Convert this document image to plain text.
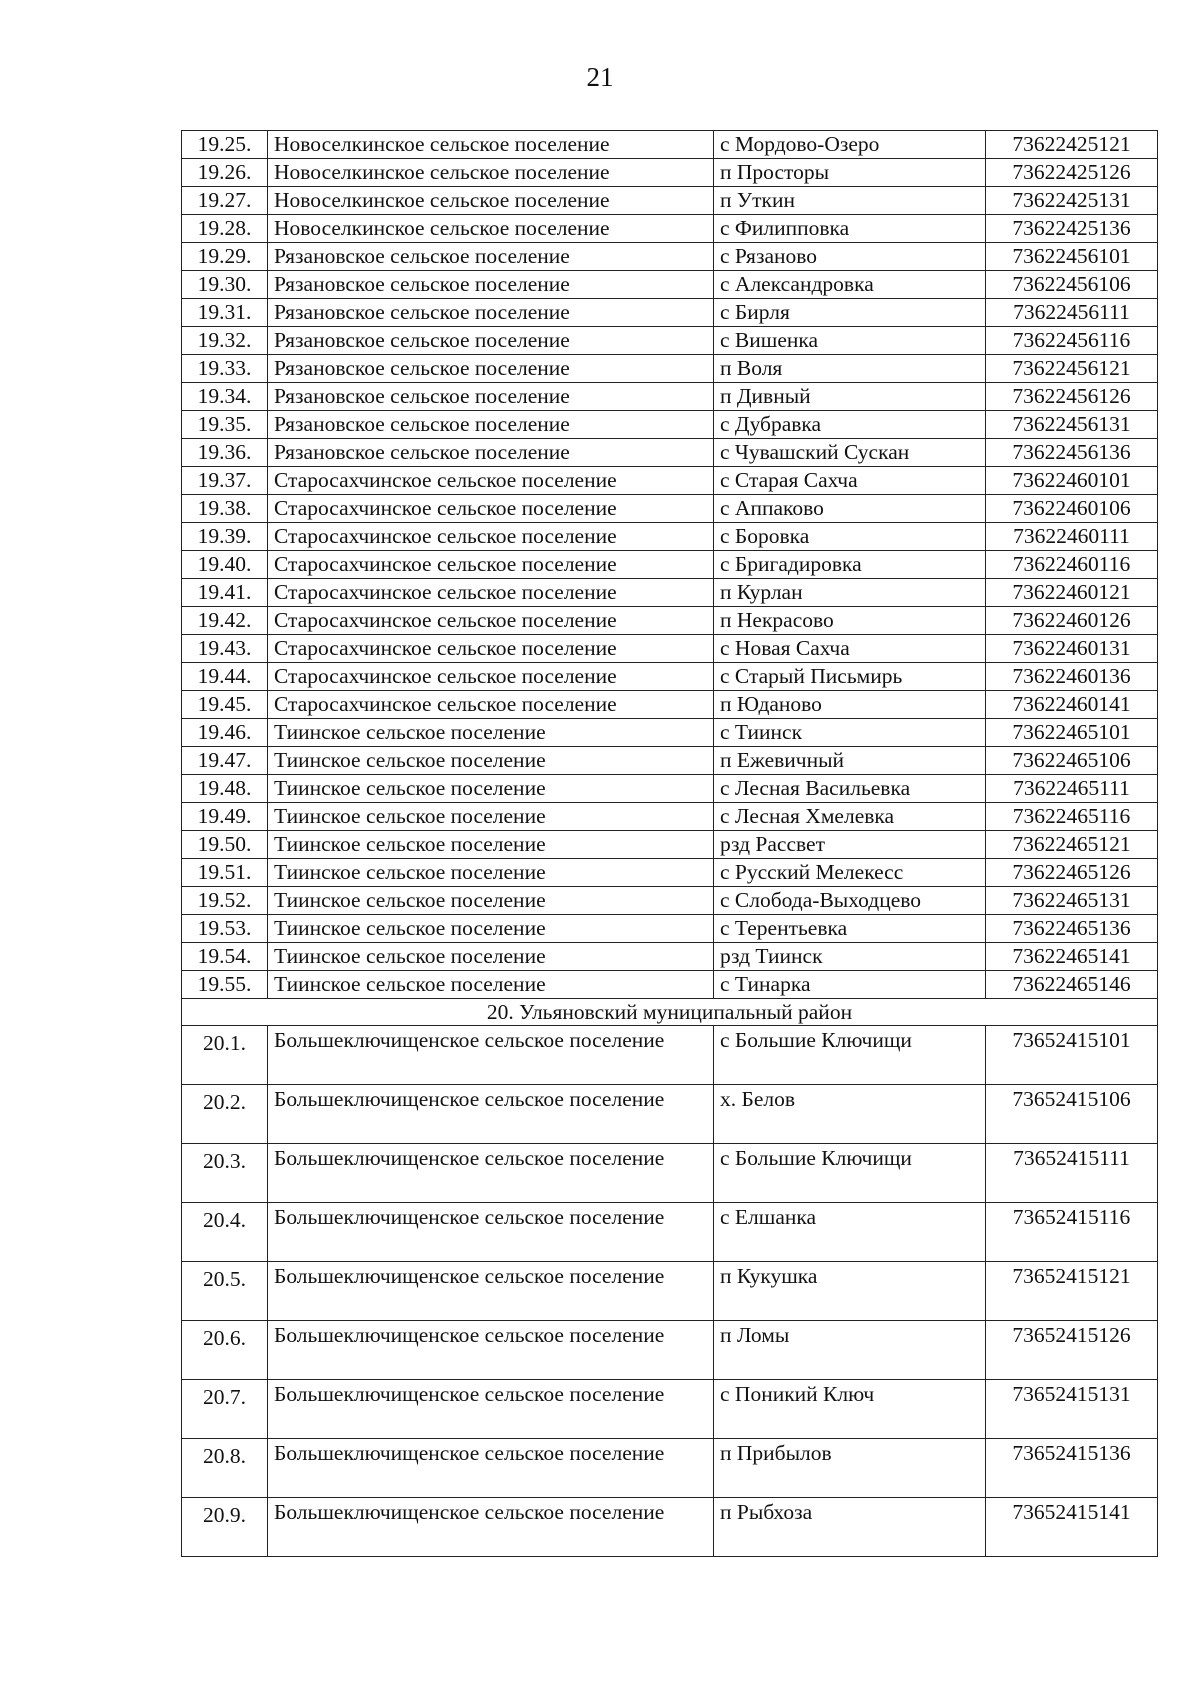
21
19.25.	Новоселкинское сельское поселение	с Мордово-Озеро	73622425121
19.26.	Новоселкинское сельское поселение	п Просторы	73622425126
19.27.	Новоселкинское сельское поселение	п Уткин	73622425131
19.28.	Новоселкинское сельское поселение	с Филипповка	73622425136
19.29.	Рязановское сельское поселение	с Рязаново	73622456101
19.30.	Рязановское сельское поселение	с Александровка	73622456106
19.31.	Рязановское сельское поселение	с Бирля	73622456111
19.32.	Рязановское сельское поселение	с Вишенка	73622456116
19.33.	Рязановское сельское поселение	п Воля	73622456121
19.34.	Рязановское сельское поселение	п Дивный	73622456126
19.35.	Рязановское сельское поселение	с Дубравка	73622456131
19.36.	Рязановское сельское поселение	с Чувашский Сускан	73622456136
19.37.	Старосахчинское сельское поселение	с Старая Сахча	73622460101
19.38.	Старосахчинское сельское поселение	с Аппаково	73622460106
19.39.	Старосахчинское сельское поселение	с Боровка	73622460111
19.40.	Старосахчинское сельское поселение	с Бригадировка	73622460116
19.41.	Старосахчинское сельское поселение	п Курлан	73622460121
19.42.	Старосахчинское сельское поселение	п Некрасово	73622460126
19.43.	Старосахчинское сельское поселение	с Новая Сахча	73622460131
19.44.	Старосахчинское сельское поселение	с Старый Письмирь	73622460136
19.45.	Старосахчинское сельское поселение	п Юданово	73622460141
19.46.	Тиинское сельское поселение	с Тиинск	73622465101
19.47.	Тиинское сельское поселение	п Ежевичный	73622465106
19.48.	Тиинское сельское поселение	с Лесная Васильевка	73622465111
19.49.	Тиинское сельское поселение	с Лесная Хмелевка	73622465116
19.50.	Тиинское сельское поселение	рзд Рассвет	73622465121
19.51.	Тиинское сельское поселение	с Русский Мелекесс	73622465126
19.52.	Тиинское сельское поселение	с Слобода-Выходцево	73622465131
19.53.	Тиинское сельское поселение	с Терентьевка	73622465136
19.54.	Тиинское сельское поселение	рзд Тиинск	73622465141
19.55.	Тиинское сельское поселение	с Тинарка	73622465146
20. Ульяновский муниципальный район			
20.1.	Большеключищенское сельское поселение	с Большие Ключищи	73652415101
20.2.	Большеключищенское сельское поселение	х. Белов	73652415106
20.3.	Большеключищенское сельское поселение	с Большие Ключищи	73652415111
20.4.	Большеключищенское сельское поселение	с Елшанка	73652415116
20.5.	Большеключищенское сельское поселение	п Кукушка	73652415121
20.6.	Большеключищенское сельское поселение	п Ломы	73652415126
20.7.	Большеключищенское сельское поселение	с Поникий Ключ	73652415131
20.8.	Большеключищенское сельское поселение	п Прибылов	73652415136
20.9.	Большеключищенское сельское поселение	п Рыбхоза	73652415141
